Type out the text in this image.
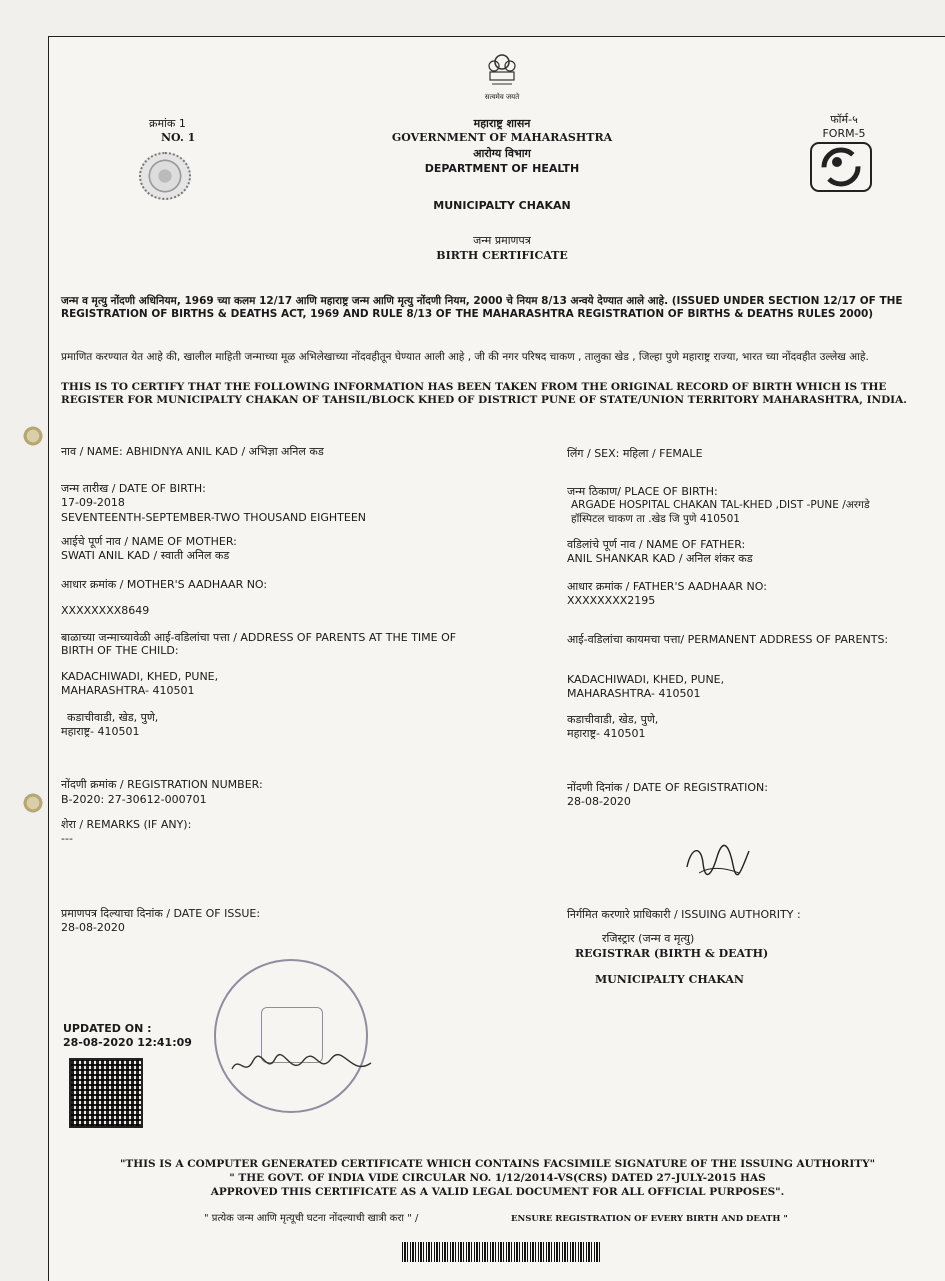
सत्यमेव जयते
क्रमांक 1
NO. 1
महाराष्ट्र शासन
GOVERNMENT OF MAHARASHTRA
आरोग्य विभाग
DEPARTMENT OF HEALTH
फॉर्म-५
FORM-5
MUNICIPALTY CHAKAN
जन्म प्रमाणपत्र
BIRTH CERTIFICATE
जन्म व मृत्यु नोंदणी अधिनियम, 1969 च्या कलम 12/17 आणि महाराष्ट्र जन्म आणि मृत्यु नोंदणी नियम, 2000 चे नियम 8/13 अन्वये देण्यात आले आहे. (ISSUED UNDER SECTION 12/17 OF THE REGISTRATION OF BIRTHS & DEATHS ACT, 1969 AND RULE 8/13 OF THE MAHARASHTRA REGISTRATION OF BIRTHS & DEATHS RULES 2000)
प्रमाणित करण्यात येत आहे की, खालील माहिती जन्माच्या मूळ अभिलेखाच्या नोंदवहीतून घेण्यात आली आहे , जी की नगर परिषद चाकण , तालुका खेड , जिल्हा पुणे महाराष्ट्र राज्या, भारत च्या नोंदवहीत उल्लेख आहे.
THIS IS TO CERTIFY THAT THE FOLLOWING INFORMATION HAS BEEN TAKEN FROM THE ORIGINAL RECORD OF BIRTH WHICH IS THE REGISTER FOR MUNICIPALTY CHAKAN OF TAHSIL/BLOCK KHED OF DISTRICT PUNE OF STATE/UNION TERRITORY MAHARASHTRA, INDIA.
नाव / NAME: ABHIDNYA ANIL KAD / अभिज्ञा अनिल कड
जन्म तारीख / DATE OF BIRTH:
17-09-2018
SEVENTEENTH-SEPTEMBER-TWO THOUSAND EIGHTEEN
आईचे पूर्ण नाव / NAME OF MOTHER:
SWATI ANIL KAD / स्वाती अनिल कड
आधार क्रमांक / MOTHER'S AADHAAR NO:
XXXXXXXX8649
बाळाच्या जन्माच्यावेळी आई-वडिलांचा पत्ता / ADDRESS OF PARENTS AT THE TIME OF
BIRTH OF THE CHILD:
KADACHIWADI, KHED, PUNE,
MAHARASHTRA- 410501
कडाचीवाडी, खेड, पुणे,
महाराष्ट्र- 410501
नोंदणी क्रमांक / REGISTRATION NUMBER:
B-2020: 27-30612-000701
शेरा / REMARKS (IF ANY):
---
प्रमाणपत्र दिल्याचा दिनांक / DATE OF ISSUE:
28-08-2020
लिंग / SEX: महिला / FEMALE
जन्म ठिकाण/ PLACE OF BIRTH:
ARGADE HOSPITAL CHAKAN TAL-KHED ,DIST -PUNE /अरगडे
हॉस्पिटल चाकण ता .खेड जि पुणे 410501
वडिलांचे पूर्ण नाव / NAME OF FATHER:
ANIL SHANKAR KAD / अनिल शंकर कड
आधार क्रमांक / FATHER'S AADHAAR NO:
XXXXXXXX2195
आई-वडिलांचा कायमचा पत्ता/ PERMANENT ADDRESS OF PARENTS:
KADACHIWADI, KHED, PUNE,
MAHARASHTRA- 410501
कडाचीवाडी, खेड, पुणे,
महाराष्ट्र- 410501
नोंदणी दिनांक / DATE OF REGISTRATION:
28-08-2020
निर्गमित करणारे प्राधिकारी / ISSUING AUTHORITY :
रजिस्ट्रार (जन्म व मृत्यु)
REGISTRAR (BIRTH & DEATH)
MUNICIPALTY CHAKAN
UPDATED ON :
28-08-2020 12:41:09
"THIS IS A COMPUTER GENERATED CERTIFICATE WHICH CONTAINS FACSIMILE SIGNATURE OF THE ISSUING AUTHORITY"
" THE GOVT. OF INDIA VIDE CIRCULAR NO. 1/12/2014-VS(CRS) DATED 27-JULY-2015 HAS
APPROVED THIS CERTIFICATE AS A VALID LEGAL DOCUMENT FOR ALL OFFICIAL PURPOSES".
" प्रत्येक जन्म आणि मृत्यूची घटना नोंदल्याची खात्री करा " /	ENSURE REGISTRATION OF EVERY BIRTH AND DEATH "
